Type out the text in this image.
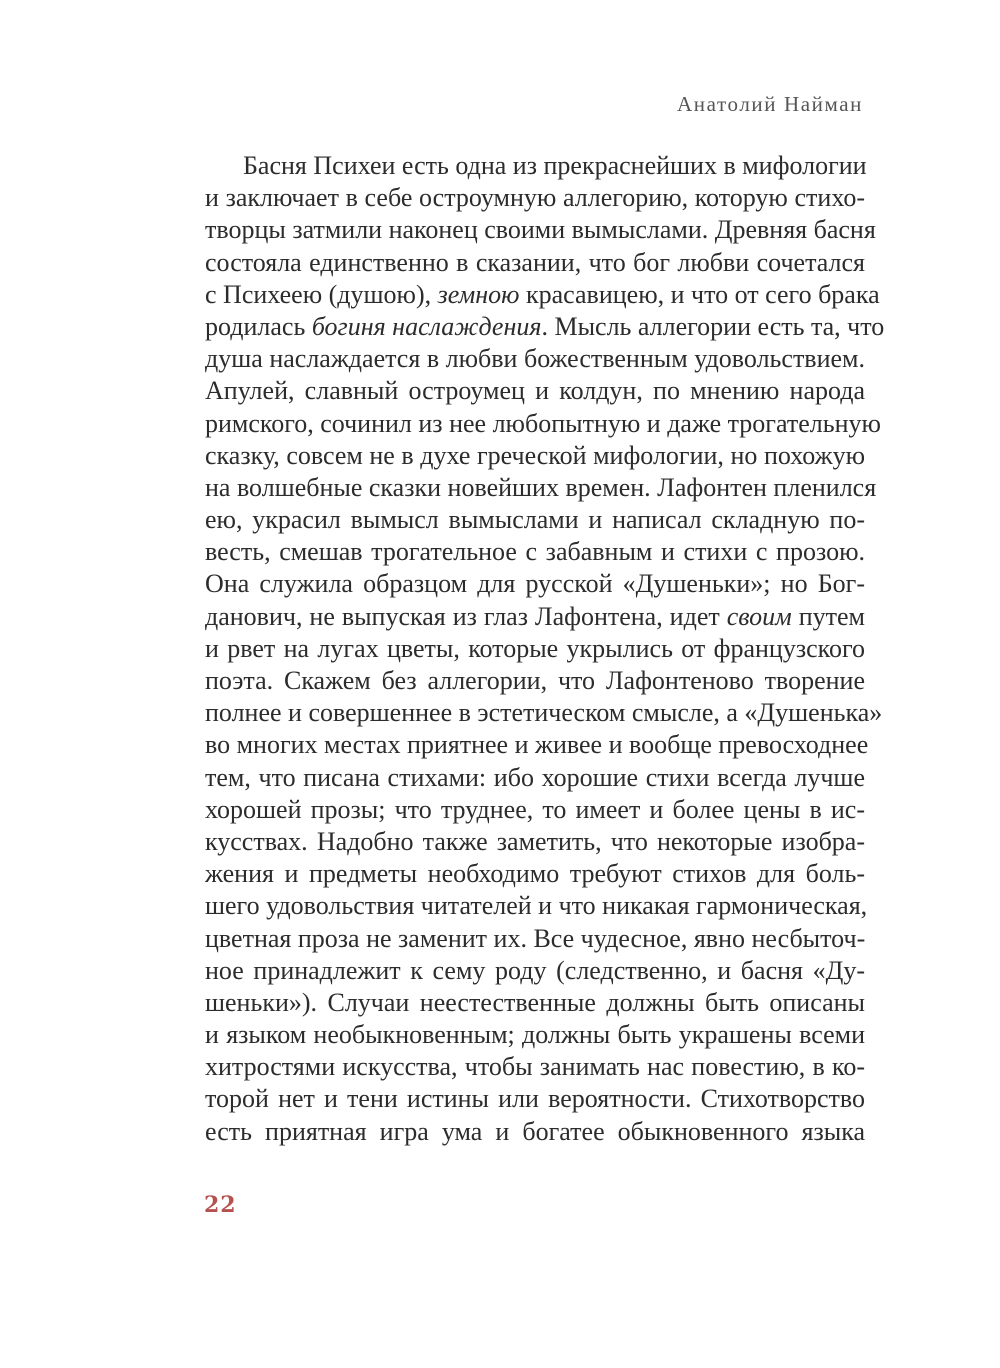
Анатолий Найман
Басня Психеи есть одна из прекраснейших в мифологии
и заключает в себе остроумную аллегорию, которую стихо-
творцы затмили наконец своими вымыслами. Древняя басня
состояла единственно в сказании, что бог любви сочетался
с Психеею (душою), земною красавицею, и что от сего брака
родилась богиня наслаждения. Мысль аллегории есть та, что
душа наслаждается в любви божественным удовольствием.
Апулей, славный остроумец и колдун, по мнению народа
римского, сочинил из нее любопытную и даже трогательную
сказку, совсем не в духе греческой мифологии, но похожую
на волшебные сказки новейших времен. Лафонтен пленился
ею, украсил вымысл вымыслами и написал складную по-
весть, смешав трогательное с забавным и стихи с прозою.
Она служила образцом для русской «Душеньки»; но Бог-
данович, не выпуская из глаз Лафонтена, идет своим путем
и рвет на лугах цветы, которые укрылись от французского
поэта. Скажем без аллегории, что Лафонтеново творение
полнее и совершеннее в эстетическом смысле, а «Душенька»
во многих местах приятнее и живее и вообще превосходнее
тем, что писана стихами: ибо хорошие стихи всегда лучше
хорошей прозы; что труднее, то имеет и более цены в ис-
кусствах. Надобно также заметить, что некоторые изобра-
жения и предметы необходимо требуют стихов для боль-
шего удовольствия читателей и что никакая гармоническая,
цветная проза не заменит их. Все чудесное, явно несбыточ-
ное принадлежит к сему роду (следственно, и басня «Ду-
шеньки»). Случаи неестественные должны быть описаны
и языком необыкновенным; должны быть украшены всеми
хитростями искусства, чтобы занимать нас повестию, в ко-
торой нет и тени истины или вероятности. Стихотворство
есть приятная игра ума и богатее обыкновенного языка
22
